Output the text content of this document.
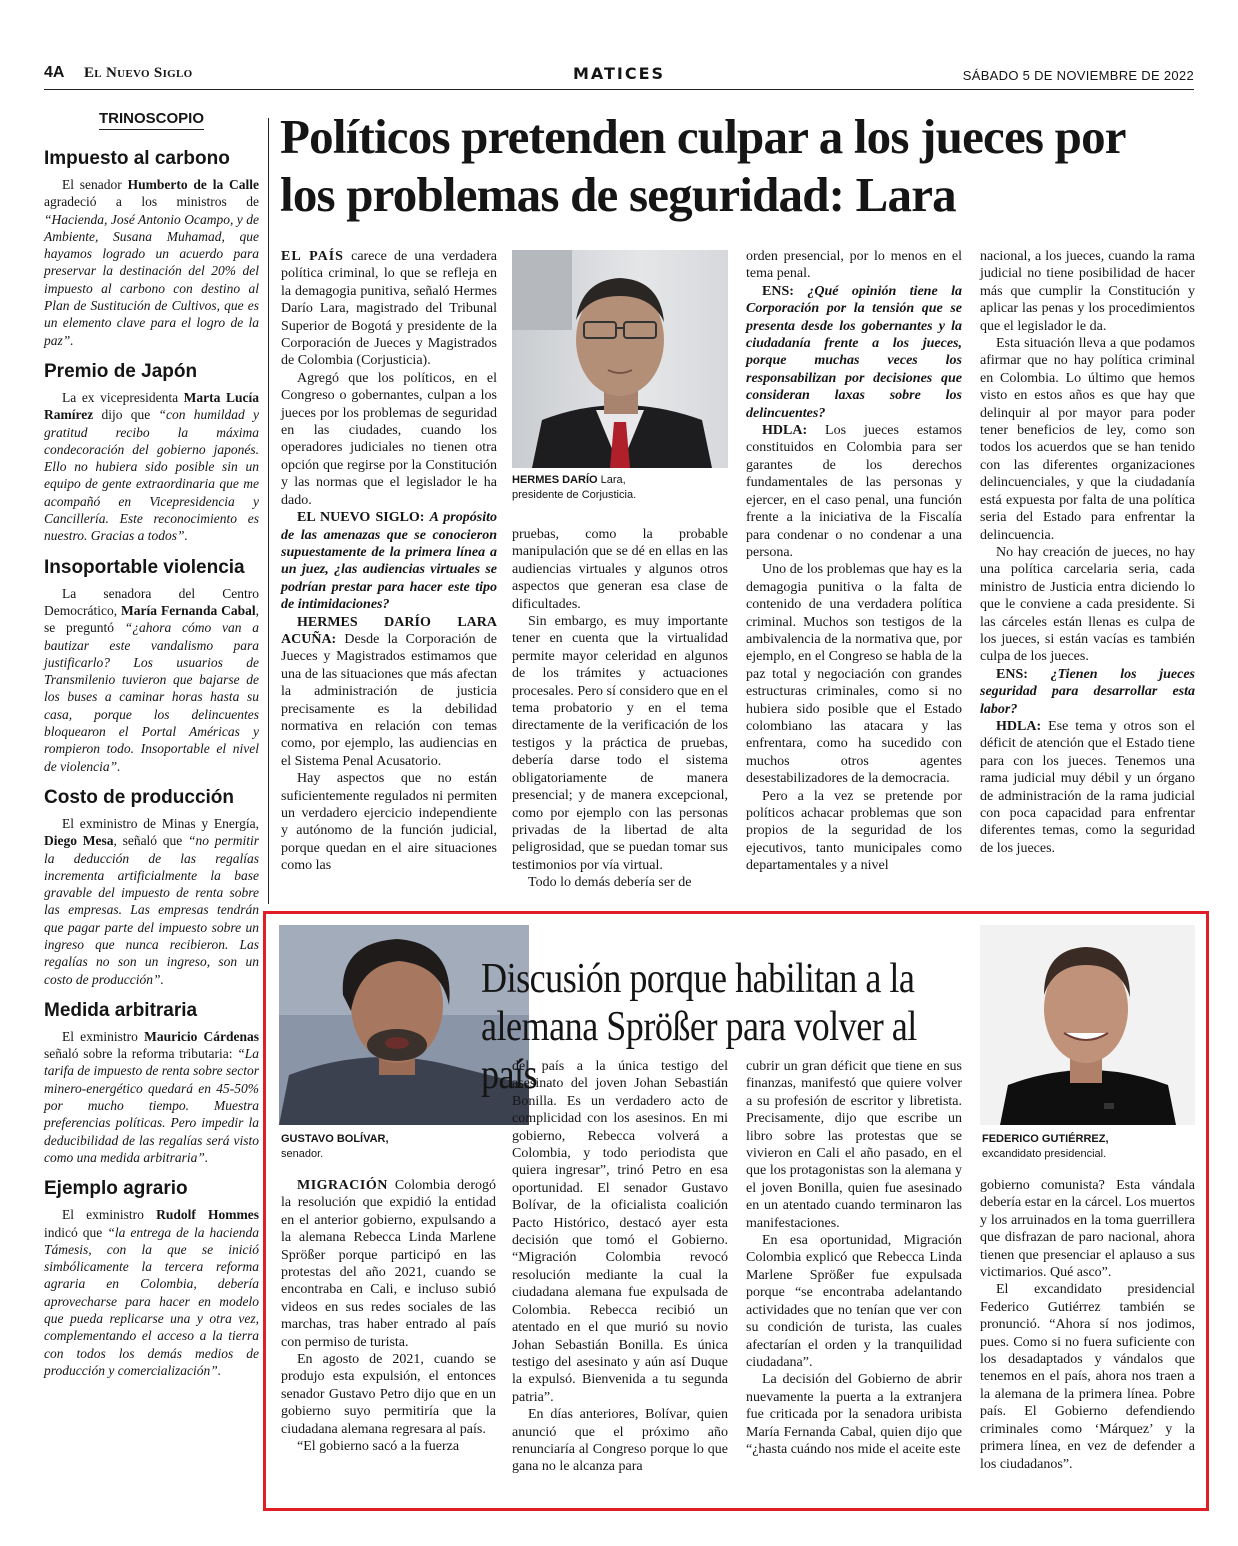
4A El Nuevo Siglo	MATICES	SÁBADO 5 DE NOVIEMBRE DE 2022
TRINOSCOPIO
Impuesto al carbono

El senador Humberto de la Calle agradeció a los ministros de “Hacienda, José Antonio Ocampo, y de Ambiente, Susana Muhamad, que hayamos logrado un acuerdo para preservar la destinación del 20% del impuesto al carbono con destino al Plan de Sustitución de Cultivos, que es un elemento clave para el logro de la paz”.

Premio de Japón

La ex vicepresidenta Marta Lucía Ramírez dijo que “con humildad y gratitud recibo la máxima condecoración del gobierno japonés. Ello no hubiera sido posible sin un equipo de gente extraordinaria que me acompañó en Vicepresidencia y Cancillería. Este reconocimiento es nuestro. Gracias a todos”.

Insoportable violencia

La senadora del Centro Democrático, María Fernanda Cabal, se preguntó “¿ahora cómo van a bautizar este vandalismo para justificarlo? Los usuarios de Transmilenio tuvieron que bajarse de los buses a caminar horas hasta su casa, porque los delincuentes bloquearon el Portal Américas y rompieron todo. Insoportable el nivel de violencia”.

Costo de producción

El exministro de Minas y Energía, Diego Mesa, señaló que “no permitir la deducción de las regalías incrementa artificialmente la base gravable del impuesto de renta sobre las empresas. Las empresas tendrán que pagar parte del impuesto sobre un ingreso que nunca recibieron. Las regalías no son un ingreso, son un costo de producción”.

Medida arbitraria

El exministro Mauricio Cárdenas señaló sobre la reforma tributaria: “La tarifa de impuesto de renta sobre sector minero-energético quedará en 45-50% por mucho tiempo. Muestra preferencias políticas. Pero impedir la deducibilidad de las regalías será visto como una medida arbitraria”.

Ejemplo agrario

El exministro Rudolf Hommes indicó que “la entrega de la hacienda Támesis, con la que se inició simbólicamente la tercera reforma agraria en Colombia, debería aprovecharse para hacer en modelo que pueda replicarse una y otra vez, complementando el acceso a la tierra con todos los demás medios de producción y comercialización”.

Políticos pretenden culpar a los jueces por los problemas de seguridad: Lara

EL PAÍS carece de una verdadera política criminal, lo que se refleja en la demagogia punitiva, señaló Hermes Darío Lara, magistrado del Tribunal Superior de Bogotá y presidente de la Corporación de Jueces y Magistrados de Colombia (Corjusticia).

Agregó que los políticos, en el Congreso o gobernantes, culpan a los jueces por los problemas de seguridad en las ciudades, cuando los operadores judiciales no tienen otra opción que regirse por la Constitución y las normas que el legislador le ha dado.

EL NUEVO SIGLO: A propósito de las amenazas que se conocieron supuestamente de la primera línea a un juez, ¿las audiencias virtuales se podrían prestar para hacer este tipo de intimidaciones?

HERMES DARÍO LARA ACUÑA: Desde la Corporación de Jueces y Magistrados estimamos que una de las situaciones que más afectan la administración de justicia precisamente es la debilidad normativa en relación con temas como, por ejemplo, las audiencias en el Sistema Penal Acusatorio.

Hay aspectos que no están suficientemente regulados ni permiten un verdadero ejercicio independiente y autónomo de la función judicial, porque quedan en el aire situaciones como las

HERMES DARÍO Lara,
presidente de Corjusticia.

pruebas, como la probable manipulación que se dé en ellas en las audiencias virtuales y algunos otros aspectos que generan esa clase de dificultades.

Sin embargo, es muy importante tener en cuenta que la virtualidad permite mayor celeridad en algunos de los trámites y actuaciones procesales. Pero sí considero que en el tema probatorio y en el tema directamente de la verificación de los testigos y la práctica de pruebas, debería darse todo el sistema obligatoriamente de manera presencial; y de manera excepcional, como por ejemplo con las personas privadas de la libertad de alta peligrosidad, que se puedan tomar sus testimonios por vía virtual.

Todo lo demás debería ser de

orden presencial, por lo menos en el tema penal.

ENS: ¿Qué opinión tiene la Corporación por la tensión que se presenta desde los gobernantes y la ciudadanía frente a los jueces, porque muchas veces los responsabilizan por decisiones que consideran laxas sobre los delincuentes?

HDLA: Los jueces estamos constituidos en Colombia para ser garantes de los derechos fundamentales de las personas y ejercer, en el caso penal, una función frente a la iniciativa de la Fiscalía para condenar o no condenar a una persona.

Uno de los problemas que hay es la demagogia punitiva o la falta de contenido de una verdadera política criminal. Muchos son testigos de la ambivalencia de la normativa que, por ejemplo, en el Congreso se habla de la paz total y negociación con grandes estructuras criminales, como si no hubiera sido posible que el Estado colombiano las atacara y las enfrentara, como ha sucedido con muchos otros agentes desestabilizadores de la democracia.

Pero a la vez se pretende por políticos achacar problemas que son propios de la seguridad de los ejecutivos, tanto municipales como departamentales y a nivel

nacional, a los jueces, cuando la rama judicial no tiene posibilidad de hacer más que cumplir la Constitución y aplicar las penas y los procedimientos que el legislador le da.

Esta situación lleva a que podamos afirmar que no hay política criminal en Colombia. Lo último que hemos visto en estos años es que hay que delinquir al por mayor para poder tener beneficios de ley, como son todos los acuerdos que se han tenido con las diferentes organizaciones delincuenciales, y que la ciudadanía está expuesta por falta de una política seria del Estado para enfrentar la delincuencia.

No hay creación de jueces, no hay una política carcelaria seria, cada ministro de Justicia entra diciendo lo que le conviene a cada presidente. Si las cárceles están llenas es culpa de los jueces, si están vacías es también culpa de los jueces.

ENS: ¿Tienen los jueces seguridad para desarrollar esta labor?

HDLA: Ese tema y otros son el déficit de atención que el Estado tiene para con los jueces. Tenemos una rama judicial muy débil y un órgano de administración de la rama judicial con poca capacidad para enfrentar diferentes temas, como la seguridad de los jueces.

GUSTAVO BOLÍVAR,
senador.
Discusión porque habilitan a la alemana Sprößer para volver al país
FEDERICO GUTIÉRREZ,
excandidato presidencial.

MIGRACIÓN Colombia derogó la resolución que expidió la entidad en el anterior gobierno, expulsando a la alemana Rebecca Linda Marlene Sprößer porque participó en las protestas del año 2021, cuando se encontraba en Cali, e incluso subió videos en sus redes sociales de las marchas, tras haber entrado al país con permiso de turista.

En agosto de 2021, cuando se produjo esta expulsión, el entonces senador Gustavo Petro dijo que en un gobierno suyo permitiría que la ciudadana alemana regresara al país.

“El gobierno sacó a la fuerza

del país a la única testigo del asesinato del joven Johan Sebastián Bonilla. Es un verdadero acto de complicidad con los asesinos. En mi gobierno, Rebecca volverá a Colombia, y todo periodista que quiera ingresar”, trinó Petro en esa oportunidad. El senador Gustavo Bolívar, de la oficialista coalición Pacto Histórico, destacó ayer esta decisión que tomó el Gobierno. “Migración Colombia revocó resolución mediante la cual la ciudadana alemana fue expulsada de Colombia. Rebecca recibió un atentado en el que murió su novio Johan Sebastián Bonilla. Es única testigo del asesinato y aún así Duque la expulsó. Bienvenida a tu segunda patria”.

En días anteriores, Bolívar, quien anunció que el próximo año renunciaría al Congreso porque lo que gana no le alcanza para

cubrir un gran déficit que tiene en sus finanzas, manifestó que quiere volver a su profesión de escritor y libretista. Precisamente, dijo que escribe un libro sobre las protestas que se vivieron en Cali el año pasado, en el que los protagonistas son la alemana y el joven Bonilla, quien fue asesinado en un atentado cuando terminaron las manifestaciones.

En esa oportunidad, Migración Colombia explicó que Rebecca Linda Marlene Sprößer fue expulsada porque “se encontraba adelantando actividades que no tenían que ver con su condición de turista, las cuales afectarían el orden y la tranquilidad ciudadana”.

La decisión del Gobierno de abrir nuevamente la puerta a la extranjera fue criticada por la senadora uribista María Fernanda Cabal, quien dijo que “¿hasta cuándo nos mide el aceite este

gobierno comunista? Esta vándala debería estar en la cárcel. Los muertos y los arruinados en la toma guerrillera que disfrazan de paro nacional, ahora tienen que presenciar el aplauso a sus victimarios. Qué asco”.

El excandidato presidencial Federico Gutiérrez también se pronunció. “Ahora sí nos jodimos, pues. Como si no fuera suficiente con los desadaptados y vándalos que tenemos en el país, ahora nos traen a la alemana de la primera línea. Pobre país. El Gobierno defendiendo criminales como ‘Márquez’ y la primera línea, en vez de defender a los ciudadanos”.
